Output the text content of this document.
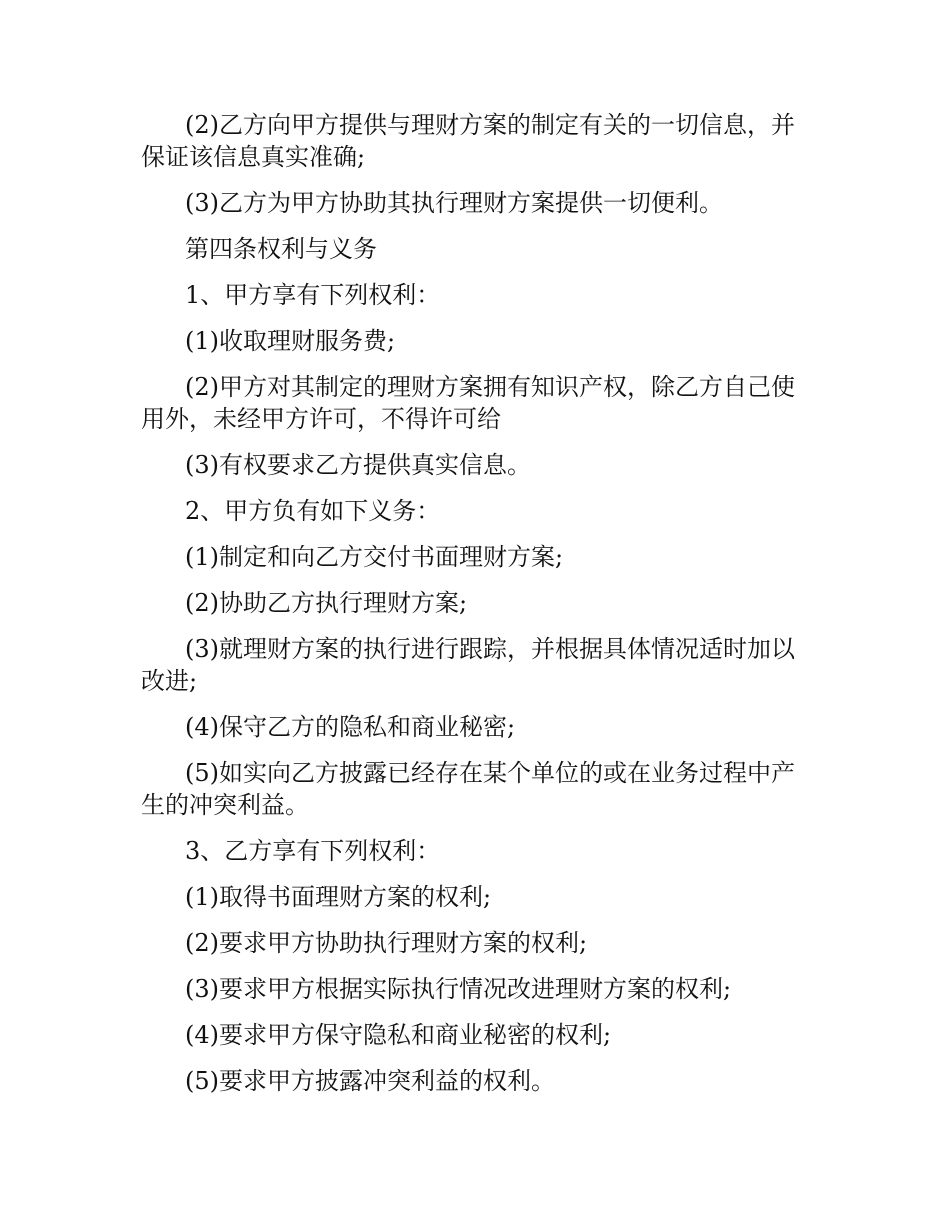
(2)乙方向甲方提供与理财方案的制定有关的一切信息，并保证该信息真实准确;

(3)乙方为甲方协助其执行理财方案提供一切便利。

第四条权利与义务

1、甲方享有下列权利：

(1)收取理财服务费;

(2)甲方对其制定的理财方案拥有知识产权，除乙方自己使用外，未经甲方许可，不得许可给

(3)有权要求乙方提供真实信息。

2、甲方负有如下义务：

(1)制定和向乙方交付书面理财方案;

(2)协助乙方执行理财方案;

(3)就理财方案的执行进行跟踪，并根据具体情况适时加以改进;

(4)保守乙方的隐私和商业秘密;

(5)如实向乙方披露已经存在某个单位的或在业务过程中产生的冲突利益。

3、乙方享有下列权利：

(1)取得书面理财方案的权利;

(2)要求甲方协助执行理财方案的权利;

(3)要求甲方根据实际执行情况改进理财方案的权利;

(4)要求甲方保守隐私和商业秘密的权利;

(5)要求甲方披露冲突利益的权利。
